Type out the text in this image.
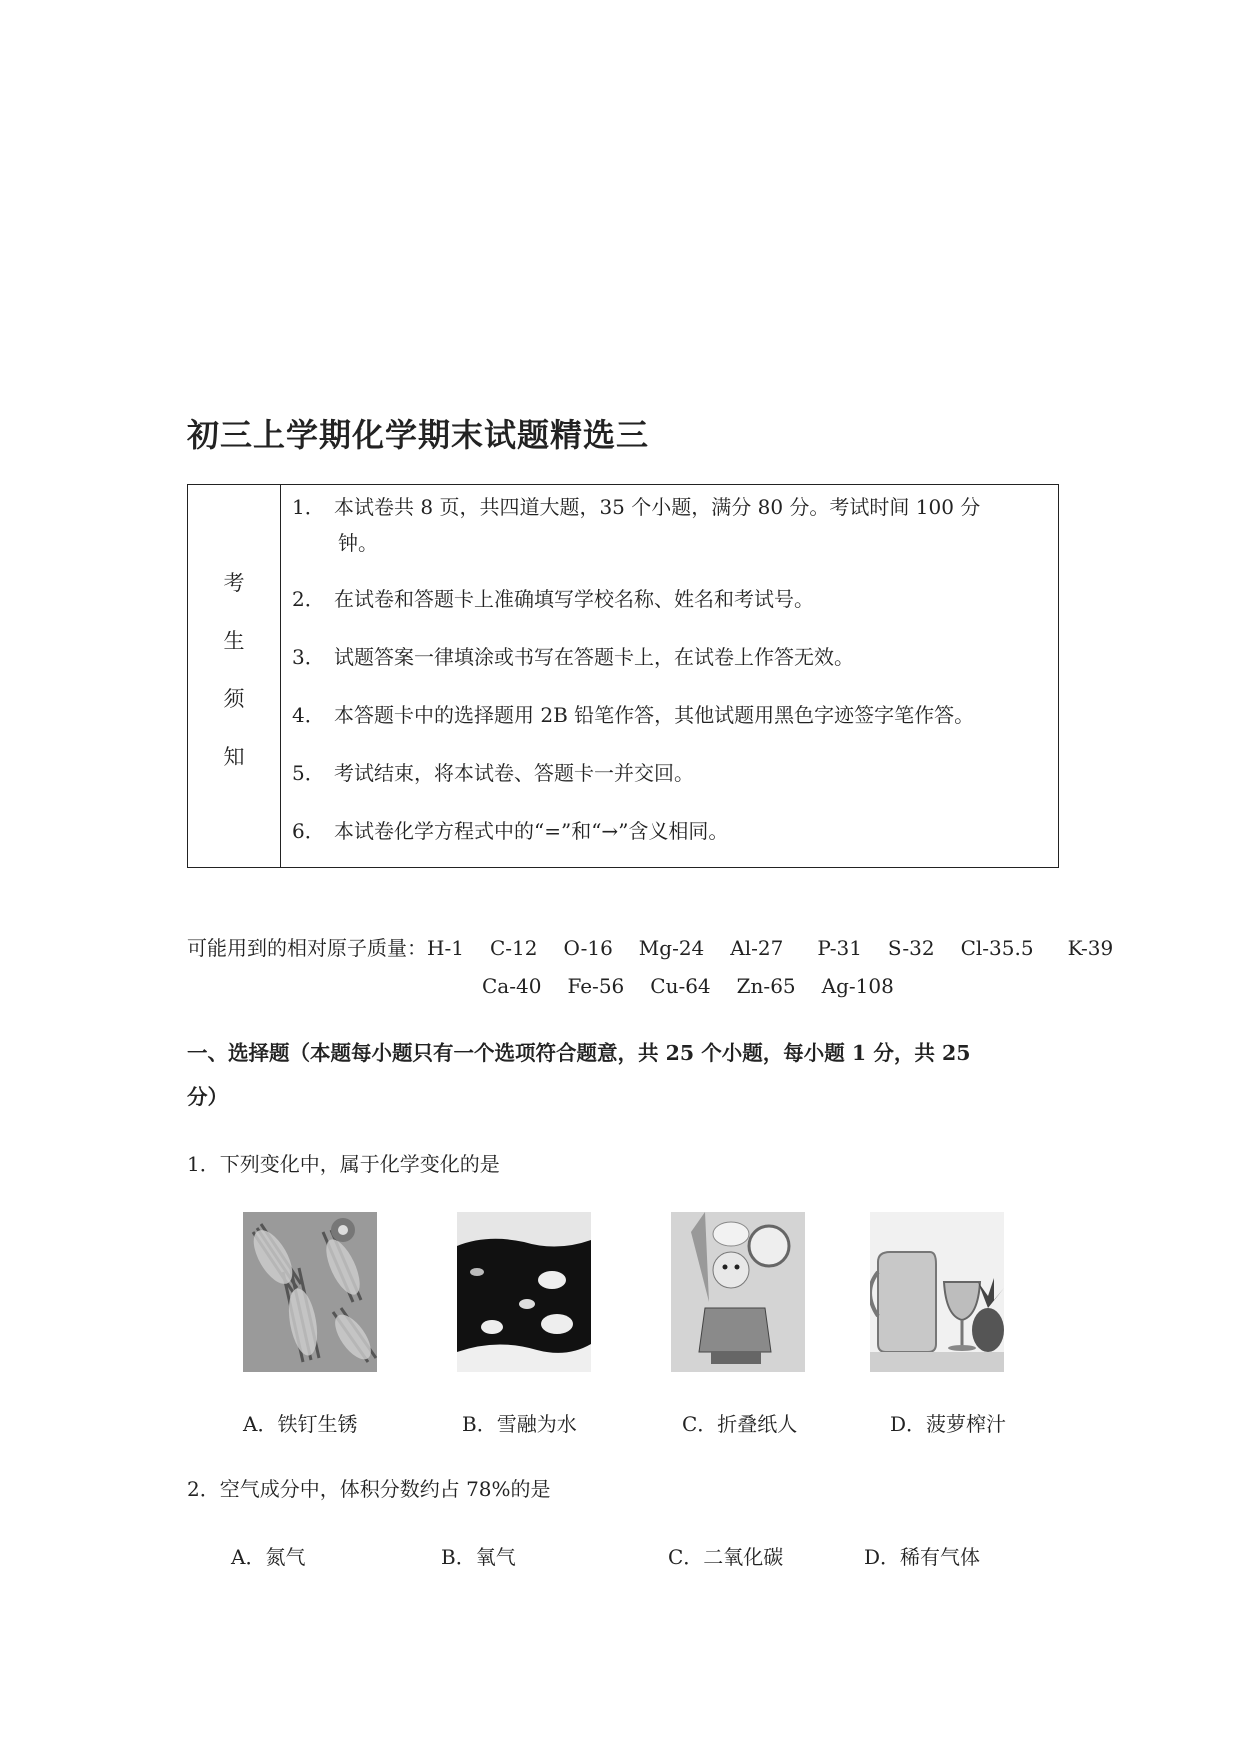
初三上学期化学期末试题精选三
考
生
须
知
1． 本试卷共 8 页，共四道大题，35 个小题，满分 80 分。考试时间 100 分
钟。
2． 在试卷和答题卡上准确填写学校名称、姓名和考试号。
3． 试题答案一律填涂或书写在答题卡上，在试卷上作答无效。
4． 本答题卡中的选择题用 2B 铅笔作答，其他试题用黑色字迹签字笔作答。
5． 考试结束，将本试卷、答题卡一并交回。
6． 本试卷化学方程式中的“=”和“→”含义相同。
可能用到的相对原子质量：H-1 C-12 O-16 Mg-24 Al-27 P-31 S-32 Cl-35.5 K-39
Ca-40 Fe-56 Cu-64 Zn-65 Ag-108
一、选择题（本题每小题只有一个选项符合题意，共 25 个小题，每小题 1 分，共 25
分）
1．下列变化中，属于化学变化的是
A．铁钉生锈	B．雪融为水	C．折叠纸人	D．菠萝榨汁
2．空气成分中，体积分数约占 78%的是
A．氮气	B．氧气	C．二氧化碳	D．稀有气体
